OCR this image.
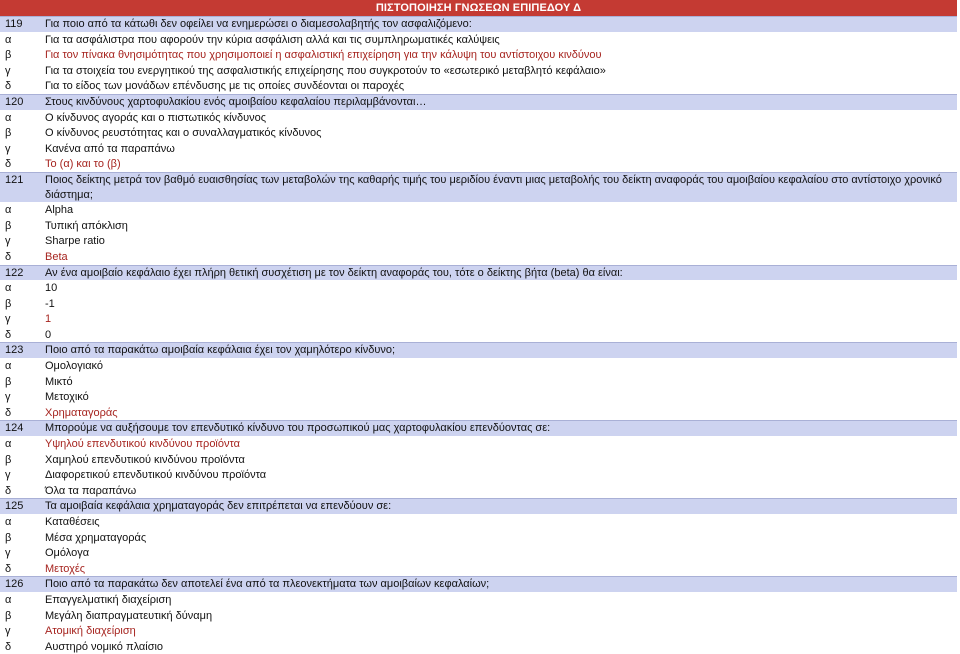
ΠΙΣΤΟΠΟΙΗΣΗ ΓΝΩΣΕΩΝ ΕΠΙΠΕΔΟΥ Δ
119	Για ποιο από τα κάτωθι δεν οφείλει να ενημερώσει ο διαμεσολαβητής τον ασφαλιζόμενο:
α	Για τα ασφάλιστρα που αφορούν την κύρια ασφάλιση αλλά και τις συμπληρωματικές καλύψεις
β	Για τον πίνακα θνησιμότητας που χρησιμοποιεί η ασφαλιστική επιχείρηση για την κάλυψη του αντίστοιχου κινδύνου
γ	Για τα στοιχεία του ενεργητικού της ασφαλιστικής επιχείρησης που συγκροτούν το «εσωτερικό μεταβλητό κεφάλαιο»
δ	Για το είδος των μονάδων επένδυσης με τις οποίες συνδέονται οι παροχές
120	Στους κινδύνους χαρτοφυλακίου ενός αμοιβαίου κεφαλαίου περιλαμβάνονται…
α	Ο κίνδυνος αγοράς και ο πιστωτικός κίνδυνος
β	Ο κίνδυνος ρευστότητας και ο συναλλαγματικός κίνδυνος
γ	Κανένα από τα παραπάνω
δ	Το (α) και το (β)
121	Ποιος δείκτης μετρά τον βαθμό ευαισθησίας των μεταβολών της καθαρής τιμής του μεριδίου έναντι μιας μεταβολής του δείκτη αναφοράς του αμοιβαίου κεφαλαίου στο αντίστοιχο χρονικό διάστημα;
α	Alpha
β	Τυπική απόκλιση
γ	Sharpe ratio
δ	Beta
122	Αν ένα αμοιβαίο κεφάλαιο έχει πλήρη θετική συσχέτιση με τον δείκτη αναφοράς του, τότε ο δείκτης βήτα (beta) θα είναι:
α	10
β	-1
γ	1
δ	0
123	Ποιο από τα παρακάτω αμοιβαία κεφάλαια έχει τον χαμηλότερο κίνδυνο;
α	Ομολογιακό
β	Μικτό
γ	Μετοχικό
δ	Χρηματαγοράς
124	Μπορούμε να αυξήσουμε τον επενδυτικό κίνδυνο του προσωπικού μας χαρτοφυλακίου επενδύοντας σε:
α	Υψηλού επενδυτικού κινδύνου προϊόντα
β	Χαμηλού επενδυτικού κινδύνου προϊόντα
γ	Διαφορετικού επενδυτικού κινδύνου προϊόντα
δ	Όλα τα παραπάνω
125	Τα αμοιβαία κεφάλαια χρηματαγοράς δεν επιτρέπεται να επενδύουν σε:
α	Καταθέσεις
β	Μέσα χρηματαγοράς
γ	Ομόλογα
δ	Μετοχές
126	Ποιο από τα παρακάτω δεν αποτελεί ένα από τα πλεονεκτήματα των αμοιβαίων κεφαλαίων;
α	Επαγγελματική διαχείριση
β	Μεγάλη διαπραγματευτική δύναμη
γ	Ατομική διαχείριση
δ	Αυστηρό νομικό πλαίσιο
